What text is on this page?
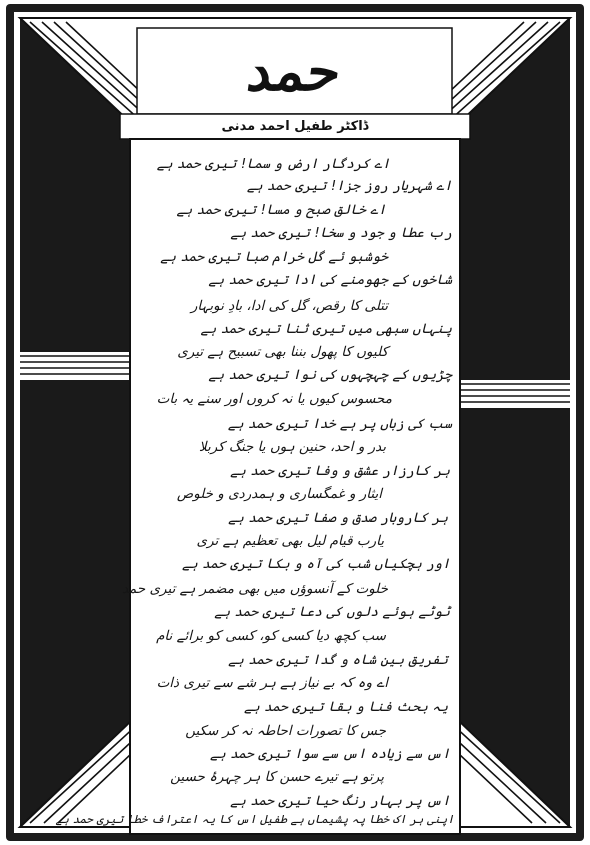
حمد
ڈاکٹر طفیل احمد مدنی
اے کردگار ارض و سما! تیری حمد ہے
اے شہریار روز جزا! تیری حمد ہے
اے خالق صبح و مسا! تیری حمد ہے
رب عطا و جود و سخا! تیری حمد ہے
خوشبو ئے گل خرام صبا تیری حمد ہے
شاخوں کے جھومنے کی ادا تیری حمد ہے
تتلی کا رقص، گل کی ادا، بادِ نوبہار
پنہاں سبھی میں تیری ثنا تیری حمد ہے
کلیوں کا پھول بننا بھی تسبیح ہے تیری
چڑیوں کے چہچہوں کی نوا تیری حمد ہے
محسوس کیوں یا نہ کروں اور سنے یہ بات
سب کی زباں پر ہے خدا تیری حمد ہے
بدر و احد، حنین ہوں یا جنگ کربلا
ہر کارزار عشق و وفا تیری حمد ہے
ایثار و غمگساری و ہمدردی و خلوص
ہر کاروبار صدق و صفا تیری حمد ہے
یارب قیام لیل بھی تعظیم ہے تری
اور ہچکیاں شب کی آہ و بکا تیری حمد ہے
خلوت کے آنسوؤں میں بھی مضمر ہے تیری حمد
ٹوٹے ہوئے دلوں کی دعا تیری حمد ہے
سب کچھ دیا کسی کو، کسی کو برائے نام
تفریق بین شاہ و گدا تیری حمد ہے
اے وہ کہ بے نیاز ہے ہر شے سے تیری ذات
یہ بحث فنا و بقا تیری حمد ہے
جس کا تصورات احاطہ نہ کر سکیں
اس سے زیادہ اس سے سوا تیری حمد ہے
پرتو ہے تیرے حسن کا ہر چہرۂ حسین
اس پر بہار رنگ حیا تیری حمد ہے
اپنی ہر اک خطا پہ پشیماں ہے طفیل اس کا یہ اعتراف خطا تیری حمد ہے
